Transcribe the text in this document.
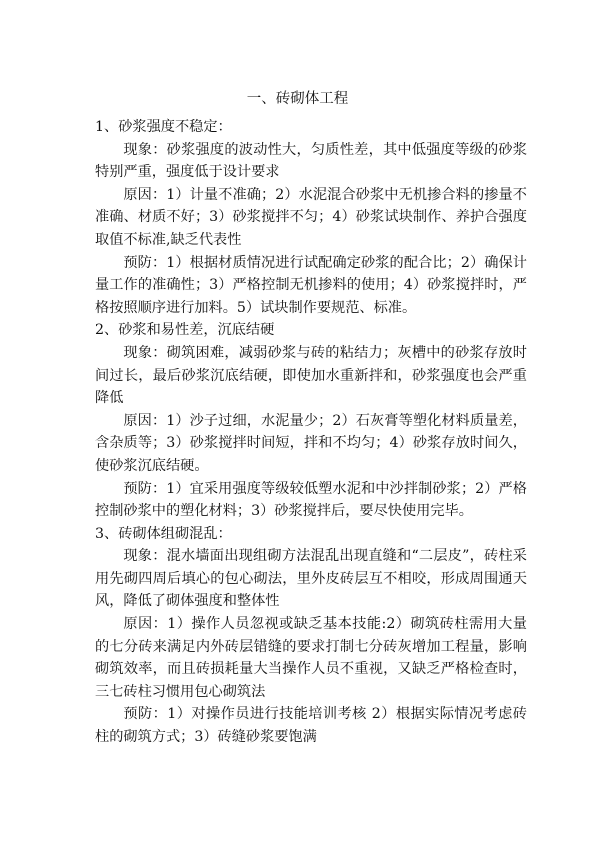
一、砖砌体工程

1、砂浆强度不稳定：

现象：砂浆强度的波动性大，匀质性差，其中低强度等级的砂浆特别严重，强度低于设计要求

原因：1）计量不准确；2）水泥混合砂浆中无机掺合料的掺量不准确、材质不好；3）砂浆搅拌不匀；4）砂浆试块制作、养护合强度取值不标准,缺乏代表性

预防：1）根据材质情况进行试配确定砂浆的配合比；2）确保计量工作的准确性；3）严格控制无机掺料的使用；4）砂浆搅拌时，严格按照顺序进行加料。5）试块制作要规范、标准。

2、砂浆和易性差，沉底结硬

现象：砌筑困难，减弱砂浆与砖的粘结力；灰槽中的砂浆存放时间过长，最后砂浆沉底结硬，即使加水重新拌和，砂浆强度也会严重降低

原因：1）沙子过细，水泥量少；2）石灰膏等塑化材料质量差，含杂质等；3）砂浆搅拌时间短，拌和不均匀；4）砂浆存放时间久，使砂浆沉底结硬。

预防：1）宜采用强度等级较低塑水泥和中沙拌制砂浆；2）严格控制砂浆中的塑化材料；3）砂浆搅拌后，要尽快使用完毕。

3、砖砌体组砌混乱：

现象：混水墙面出现组砌方法混乱出现直缝和“二层皮”，砖柱采用先砌四周后填心的包心砌法，里外皮砖层互不相咬，形成周围通天风，降低了砌体强度和整体性

原因：1）操作人员忽视或缺乏基本技能:2）砌筑砖柱需用大量的七分砖来满足内外砖层错缝的要求打制七分砖灰增加工程量，影响砌筑效率，而且砖损耗量大当操作人员不重视，又缺乏严格检查时，三七砖柱习惯用包心砌筑法

预防：1）对操作员进行技能培训考核 2）根据实际情况考虑砖柱的砌筑方式；3）砖缝砂浆要饱满
